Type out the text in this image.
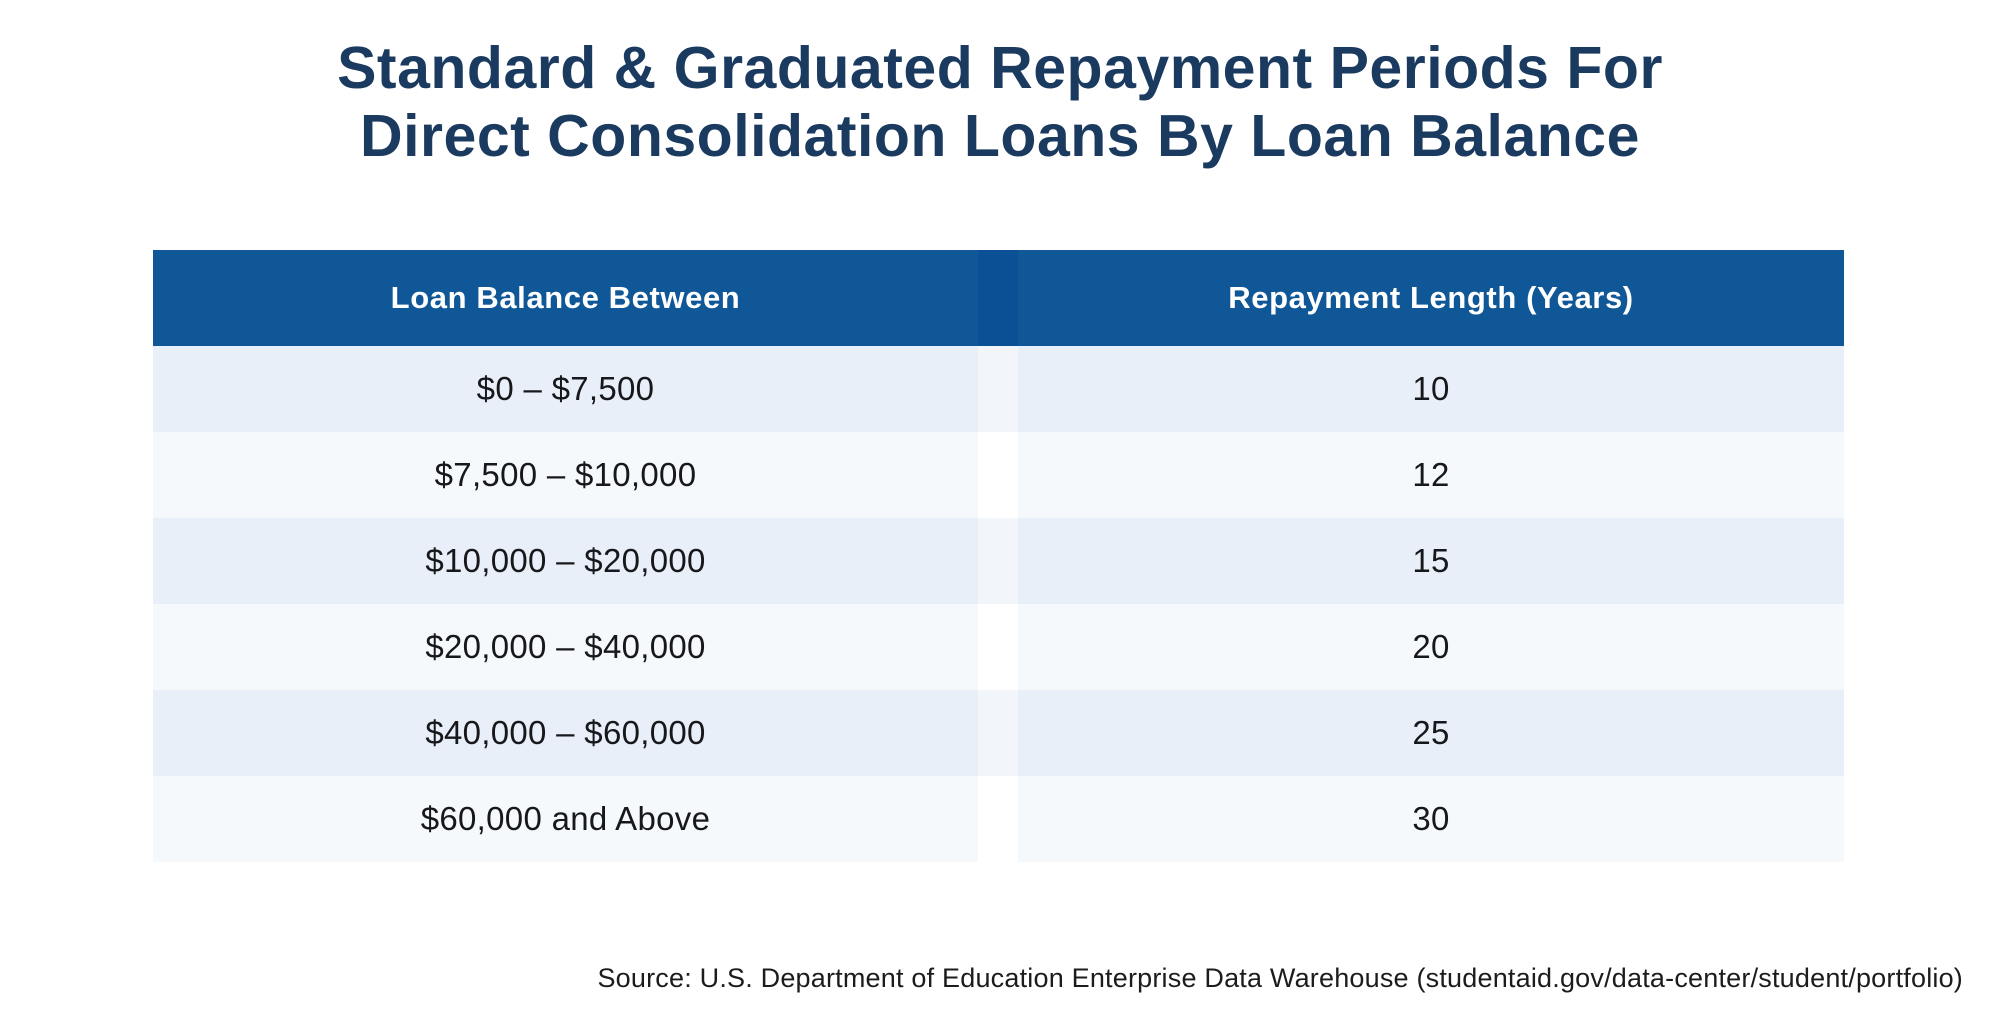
Standard & Graduated Repayment Periods For
Direct Consolidation Loans By Loan Balance
Loan Balance Between	Repayment Length (Years)
$0 – $7,500	10
$7,500 – $10,000	12
$10,000 – $20,000	15
$20,000 – $40,000	20
$40,000 – $60,000	25
$60,000 and Above	30
Source: U.S. Department of Education Enterprise Data Warehouse (studentaid.gov/data-center/student/portfolio)
